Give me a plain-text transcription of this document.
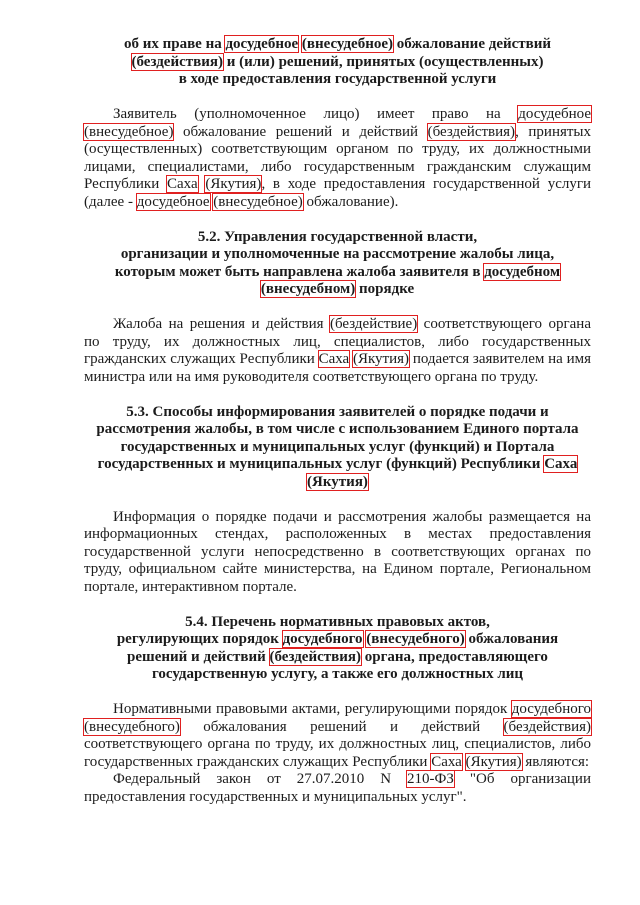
об их праве на досудебное (внесудебное) обжалование действий
(бездействия) и (или) решений, принятых (осуществленных)
в ходе предоставления государственной услуги

Заявитель (уполномоченное лицо) имеет право на досудебное (внесудебное) обжалование решений и действий (бездействия), принятых (осуществленных) соответствующим органом по труду, их должностными лицами, специалистами, либо государственным гражданским служащим Республики Саха (Якутия), в ходе предоставления государственной услуги (далее - досудебное (внесудебное) обжалование).

5.2. Управления государственной власти,
организации и уполномоченные на рассмотрение жалобы лица,
которым может быть направлена жалоба заявителя в досудебном
(внесудебном) порядке

Жалоба на решения и действия (бездействие) соответствующего органа по труду, их должностных лиц, специалистов, либо государственных гражданских служащих Республики Саха (Якутия) подается заявителем на имя министра или на имя руководителя соответствующего органа по труду.

5.3. Способы информирования заявителей о порядке подачи и
рассмотрения жалобы, в том числе с использованием Единого портала
государственных и муниципальных услуг (функций) и Портала
государственных и муниципальных услуг (функций) Республики Саха
(Якутия)

Информация о порядке подачи и рассмотрения жалобы размещается на информационных стендах, расположенных в местах предоставления государственной услуги непосредственно в соответствующих органах по труду, официальном сайте министерства, на Едином портале, Региональном портале, интерактивном портале.

5.4. Перечень нормативных правовых актов,
регулирующих порядок досудебного (внесудебного) обжалования
решений и действий (бездействия) органа, предоставляющего
государственную услугу, а также его должностных лиц

Нормативными правовыми актами, регулирующими порядок досудебного (внесудебного) обжалования решений и действий (бездействия) соответствующего органа по труду, их должностных лиц, специалистов, либо государственных гражданских служащих Республики Саха (Якутия) являются:

Федеральный закон от 27.07.2010 N 210-ФЗ "Об организации предоставления государственных и муниципальных услуг".
